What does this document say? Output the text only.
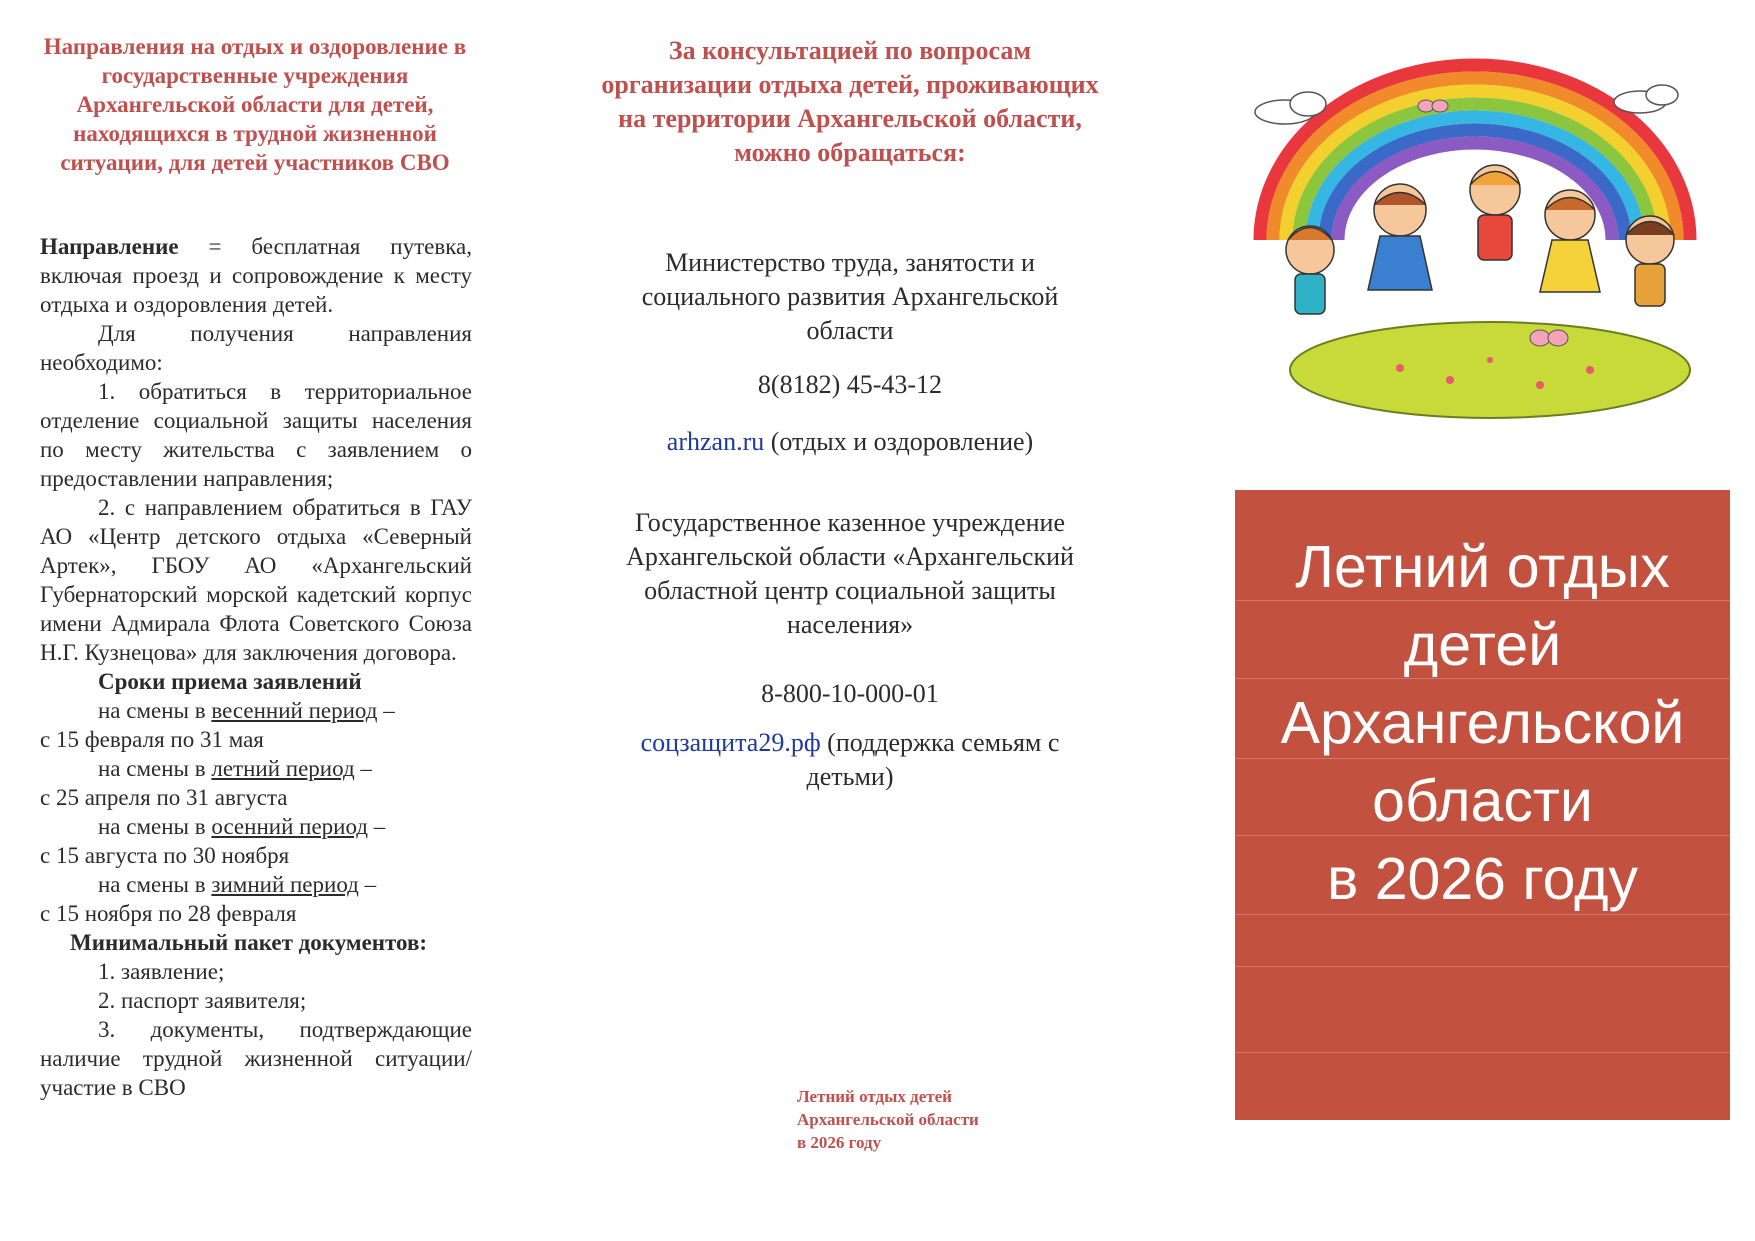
Направления на отдых и оздоровление в государственные учреждения Архангельской области для детей, находящихся в трудной жизненной ситуации, для детей участников СВО

Направление = бесплатная путевка, включая проезд и сопровождение к месту отдыха и оздоровления детей.

Для получения направления необходимо:

1. обратиться в территориальное отделение социальной защиты населения по месту жительства с заявлением о предоставлении направления;

2. с направлением обратиться в ГАУ АО «Центр детского отдыха «Северный Артек», ГБОУ АО «Архангельский Губернаторский морской кадетский корпус имени Адмирала Флота Советского Союза Н.Г. Кузнецова» для заключения договора.

Сроки приема заявлений

на смены в весенний период –

с 15 февраля по 31 мая

на смены в летний период –

с 25 апреля по 31 августа

на смены в осенний период –

с 15 августа по 30 ноября

на смены в зимний период –

с 15 ноября по 28 февраля

Минимальный пакет документов:

1. заявление;

2. паспорт заявителя;

3. документы, подтверждающие наличие трудной жизненной ситуации/ участие в СВО

За консультацией по вопросам организации отдыха детей, проживающих на территории Архангельской области, можно обращаться:
Министерство труда, занятости и социального развития Архангельской области
8(8182) 45-43-12
arhzan.ru (отдых и оздоровление)
Государственное казенное учреждение Архангельской области «Архангельский областной центр социальной защиты населения»
8-800-10-000-01
соцзащита29.рф (поддержка семьям с детьми)
Летний отдых детей
Архангельской области
в 2026 году
Летний отдых
детей
Архангельской
области
в 2026 году
